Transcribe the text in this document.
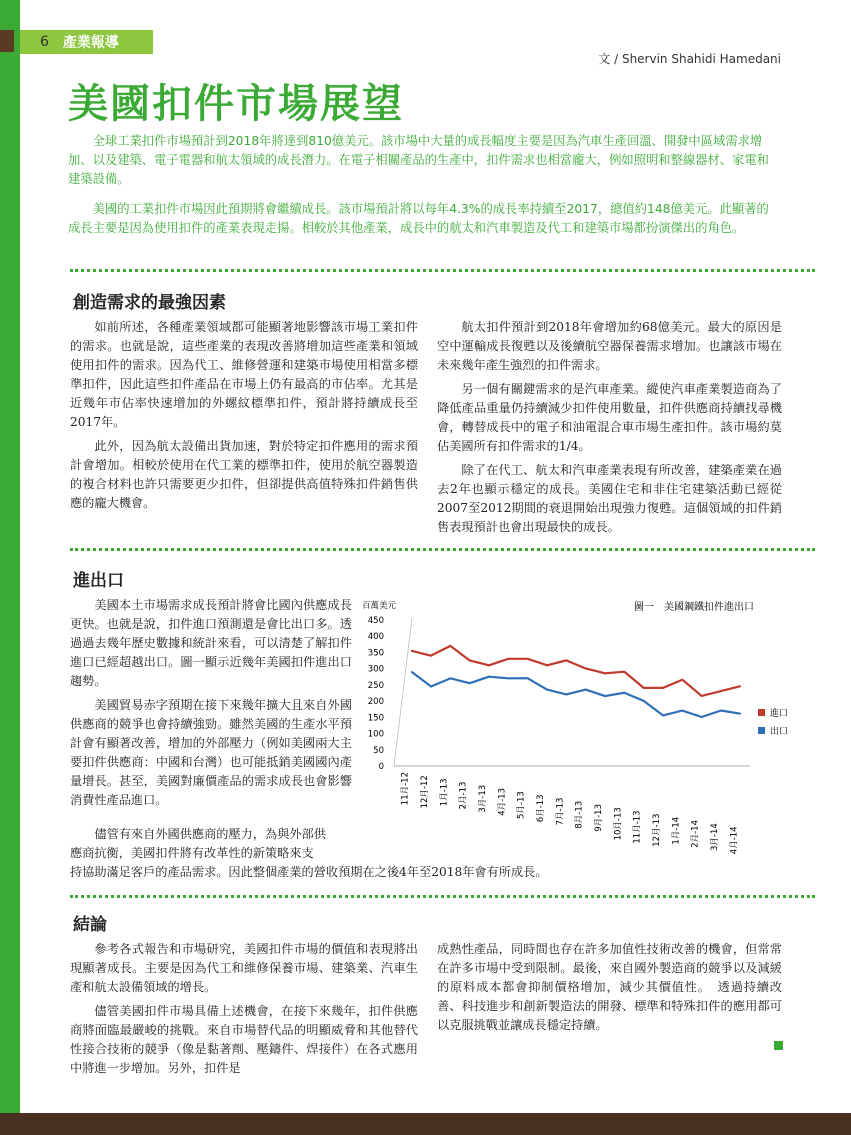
6 產業報導
文 / Shervin Shahidi Hamedani
美國扣件市場展望
全球工業扣件市場預計到2018年將達到810億美元。該市場中大量的成長幅度主要是因為汽車生產回溫、開發中區域需求增加、以及建築、電子電器和航太領域的成長潛力。在電子相關產品的生產中，扣件需求也相當龐大，例如照明和整線器材、家電和建築設備。
美國的工業扣件市場因此預期將會繼續成長。該市場預計將以每年4.3%的成長率持續至2017，總值約148億美元。此顯著的成長主要是因為使用扣件的產業表現走揚。相較於其他產業，成長中的航太和汽車製造及代工和建築市場都扮演傑出的角色。
創造需求的最強因素

如前所述，各種產業領域都可能顯著地影響該市場工業扣件的需求。也就是說，這些產業的表現改善將增加這些產業和領域使用扣件的需求。因為代工、維修營運和建築市場使用相當多標準扣件，因此這些扣件產品在市場上仍有最高的市佔率。尤其是近幾年市佔率快速增加的外螺紋標準扣件，預計將持續成長至2017年。

此外，因為航太設備出貨加速，對於特定扣件應用的需求預計會增加。相較於使用在代工業的標準扣件，使用於航空器製造的複合材料也許只需要更少扣件，但卻提供高值特殊扣件銷售供應的龐大機會。

航太扣件預計到2018年會增加約68億美元。最大的原因是空中運輸成長復甦以及後續航空器保養需求增加。也讓該市場在未來幾年產生強烈的扣件需求。

另一個有關鍵需求的是汽車產業。縱使汽車產業製造商為了降低產品重量仍持續減少扣件使用數量，扣件供應商持續找尋機會，轉替成長中的電子和油電混合車市場生產扣件。該市場約莫佔美國所有扣件需求的1/4。

除了在代工、航太和汽車產業表現有所改善，建築產業在過去2年也顯示穩定的成長。美國住宅和非住宅建築活動已經從2007至2012期間的衰退開始出現強力復甦。這個領域的扣件銷售表現預計也會出現最快的成長。

進出口

美國本土市場需求成長預計將會比國內供應成長更快。也就是說，扣件進口預測還是會比出口多。透過過去幾年歷史數據和統計來看，可以清楚了解扣件進口已經超越出口。圖一顯示近幾年美國扣件進出口趨勢。

美國貿易赤字預期在接下來幾年擴大且來自外國供應商的競爭也會持續強勁。雖然美國的生產水平預計會有顯著改善，增加的外部壓力（例如美國兩大主要扣件供應商：中國和台灣）也可能抵銷美國國內產量增長。甚至，美國對廉價產品的需求成長也會影響消費性產品進口。

儘管有來自外國供應商的壓力，為與外部供
應商抗衡，美國扣件將有改革性的新策略來支
持協助滿足客戶的產品需求。因此整個產業的營收預期在之後4年至2018年會有所成長。
百萬美元	圖一　美國鋼鐵扣件進出口
0
50
100
150
200
250
300
350
400
450
11月-12 12月-12 1月-13 2月-13 3月-13 4月-13 5月-13 6月-13 7月-13 8月-13 9月-13 10月-13 11月-13 12月-13 1月-14 2月-14 3月-14 4月-14
進口
出口
結論

參考各式報告和市場研究，美國扣件市場的價值和表現將出現顯著成長。主要是因為代工和維修保養市場、建築業、汽車生產和航太設備領域的增長。

儘管美國扣件市場具備上述機會，在接下來幾年，扣件供應商將面臨最嚴峻的挑戰。來自市場替代品的明顯威脅和其他替代性接合技術的競爭（像是黏著劑、壓鑄件、焊接件）在各式應用中將進一步增加。另外，扣件是

成熟性產品，同時間也存在許多加值性技術改善的機會，但常常在許多市場中受到限制。最後，來自國外製造商的競爭以及減緩的原料成本都會抑制價格增加，減少其價值性。　透過持續改善、科技進步和創新製造法的開發、標準和特殊扣件的應用都可以克服挑戰並讓成長穩定持續。
